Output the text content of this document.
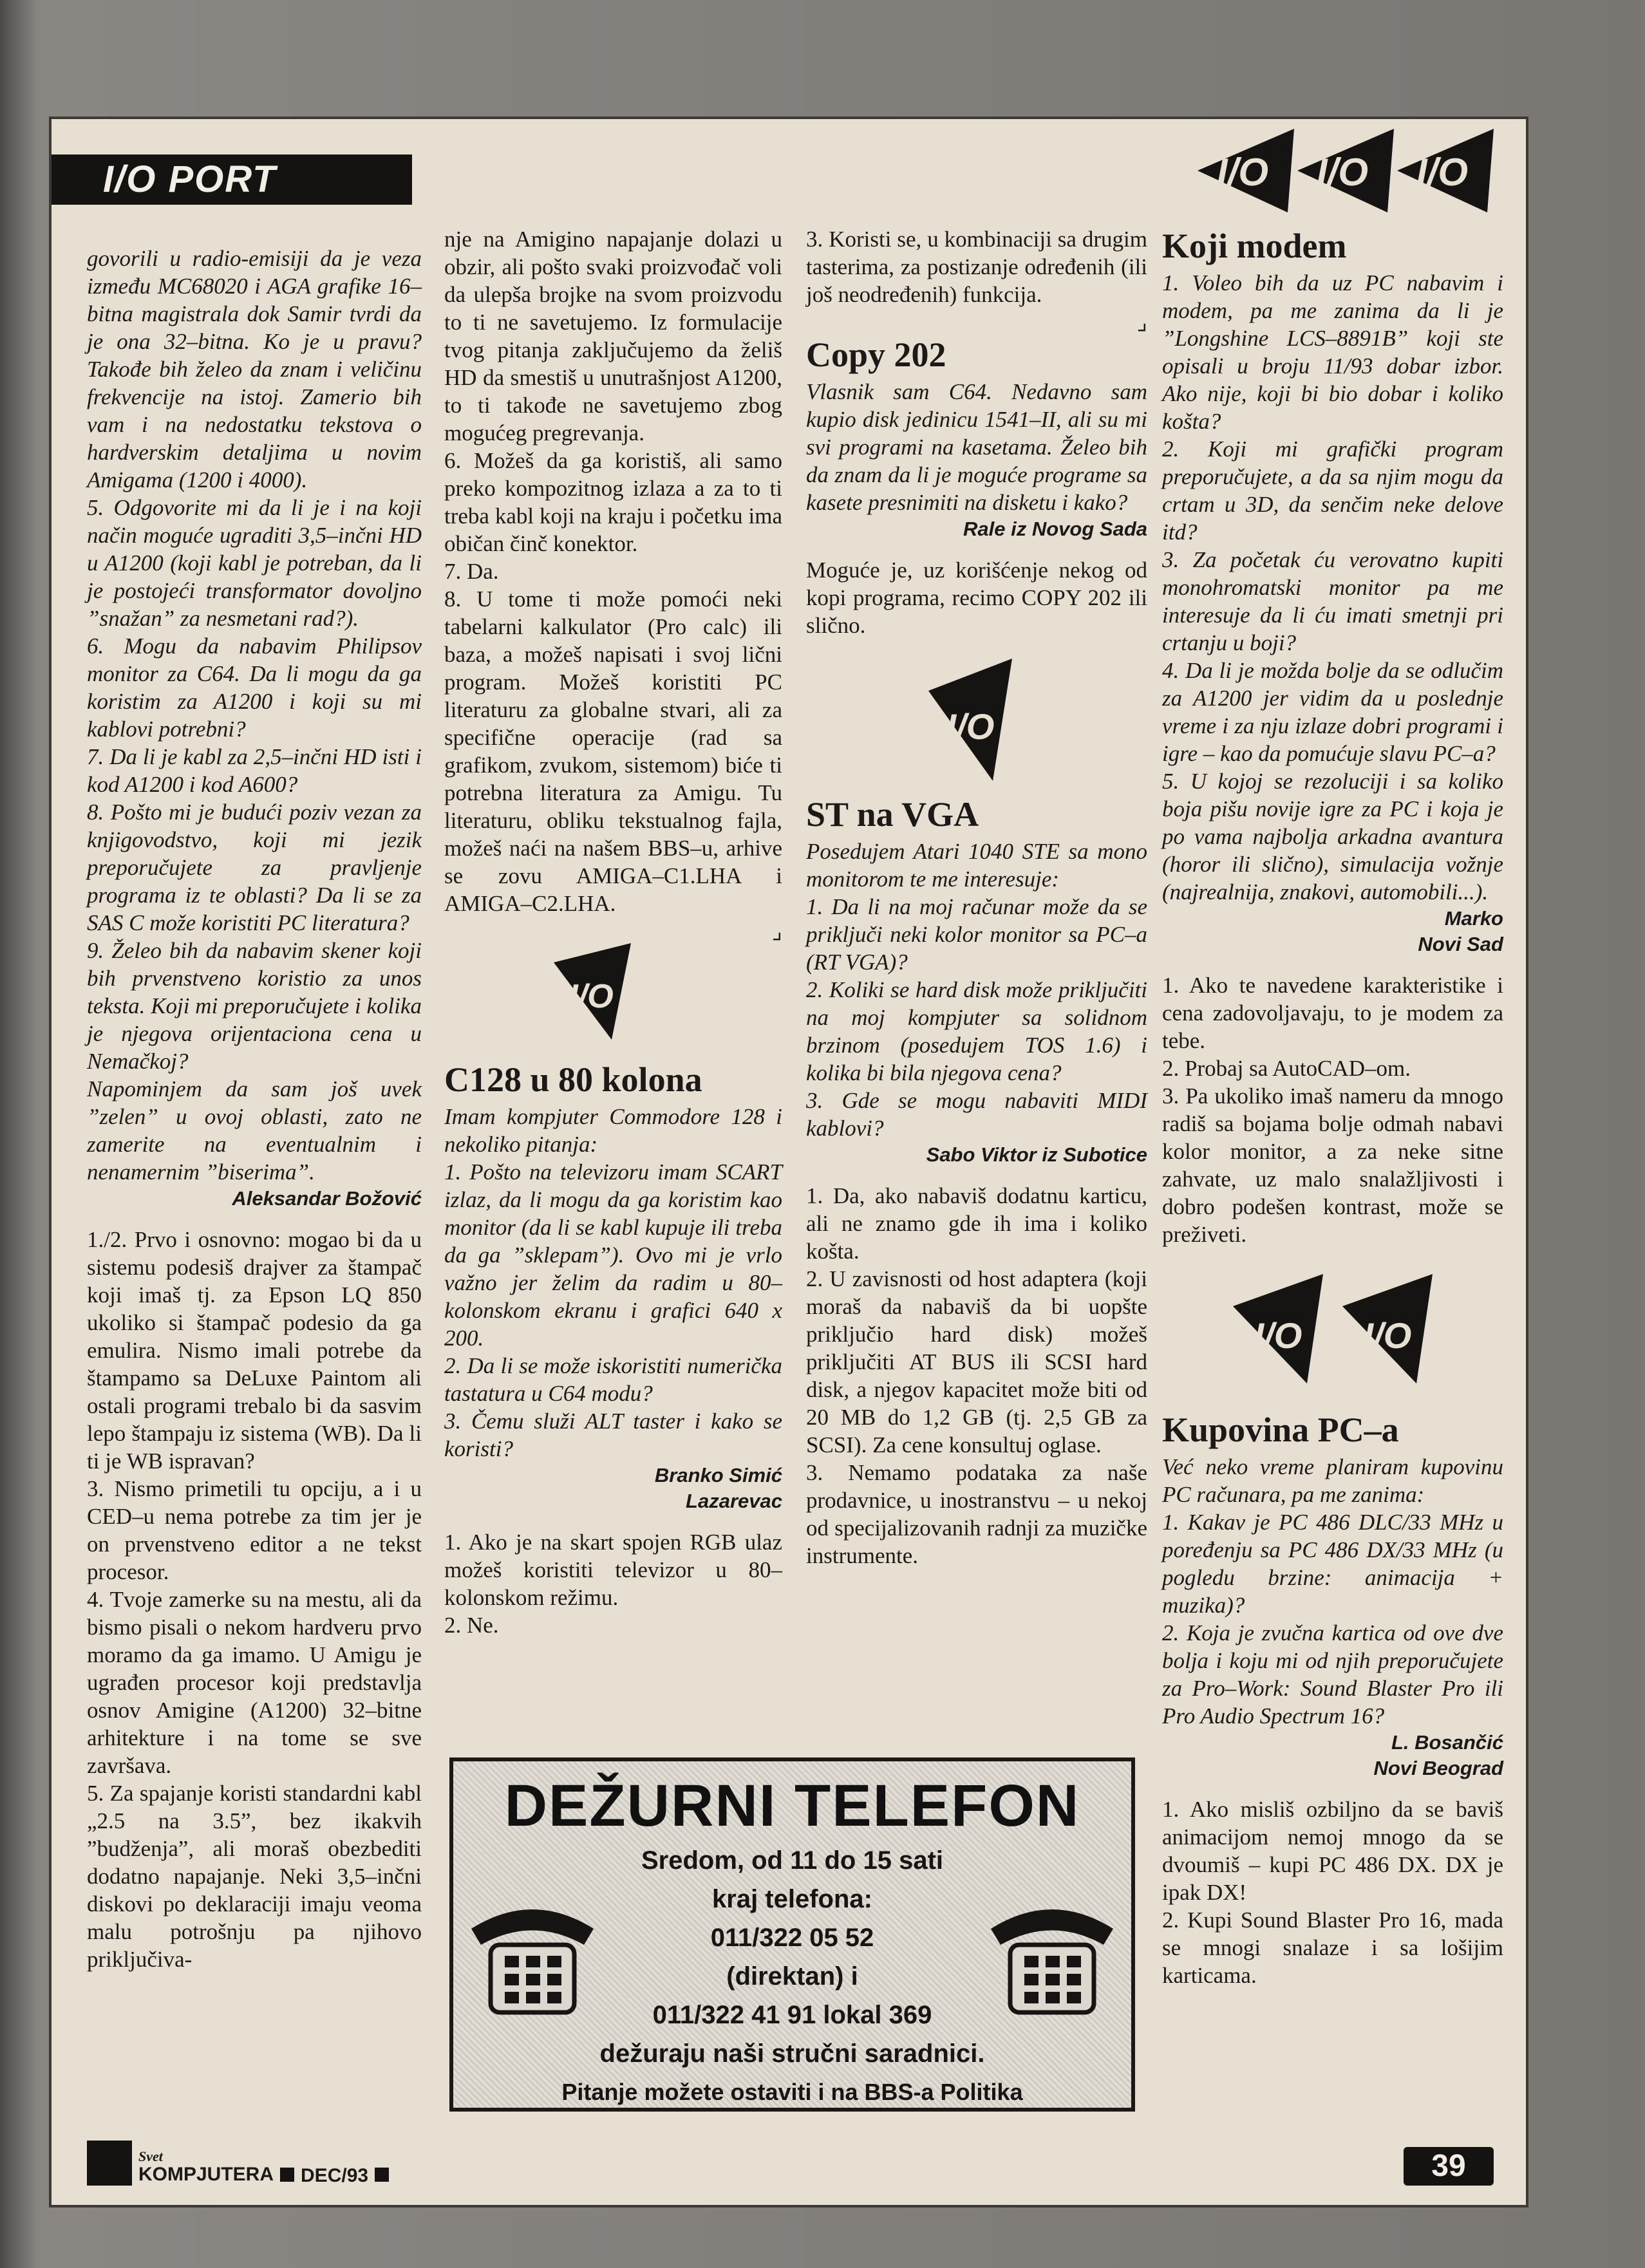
I/O PORT	I/O I/O I/O

govorili u radio-emisiji da je veza između MC68020 i AGA grafike 16–bitna magistrala dok Samir tvrdi da je ona 32–bitna. Ko je u pravu? Takođe bih želeo da znam i veličinu frekvencije na istoj. Zamerio bih vam i na nedostatku tekstova o hardverskim detaljima u novim Amigama (1200 i 4000).

5. Odgovorite mi da li je i na koji način moguće ugraditi 3,5–inčni HD u A1200 (koji kabl je potreban, da li je postojeći transformator dovoljno ”snažan” za nesmetani rad?).

6. Mogu da nabavim Philipsov monitor za C64. Da li mogu da ga koristim za A1200 i koji su mi kablovi potrebni?

7. Da li je kabl za 2,5–inčni HD isti i kod A1200 i kod A600?

8. Pošto mi je budući poziv vezan za knjigovodstvo, koji mi jezik preporučujete za pravljenje programa iz te oblasti? Da li se za SAS C može koristiti PC literatura?

9. Želeo bih da nabavim skener koji bih prvenstveno koristio za unos teksta. Koji mi preporučujete i kolika je njegova orijentaciona cena u Nemačkoj?

Napominjem da sam još uvek ”zelen” u ovoj oblasti, zato ne zamerite na eventualnim i nenamernim ”biserima”.

Aleksandar Božović

1./2. Prvo i osnovno: mogao bi da u sistemu podesiš drajver za štampač koji imaš tj. za Epson LQ 850 ukoliko si štampač podesio da ga emulira. Nismo imali potrebe da štampamo sa DeLuxe Paintom ali ostali programi trebalo bi da sasvim lepo štampaju iz sistema (WB). Da li ti je WB ispravan?

3. Nismo primetili tu opciju, a i u CED–u nema potrebe za tim jer je on prvenstveno editor a ne tekst procesor.

4. Tvoje zamerke su na mestu, ali da bismo pisali o nekom hardveru prvo moramo da ga imamo. U Amigu je ugrađen procesor koji predstavlja osnov Amigine (A1200) 32–bitne arhitekture i na tome se sve završava.

5. Za spajanje koristi standardni kabl „2.5 na 3.5”, bez ikakvih ”budženja”, ali moraš obezbediti dodatno napajanje. Neki 3,5–inčni diskovi po deklaraciji imaju veoma malu potrošnju pa njihovo priključiva-

nje na Amigino napajanje dolazi u obzir, ali pošto svaki proizvođač voli da ulepša brojke na svom proizvodu to ti ne savetujemo. Iz formulacije tvog pitanja zaključujemo da želiš HD da smestiš u unutrašnjost A1200, to ti takođe ne savetujemo zbog mogućeg pregrevanja.

6. Možeš da ga koristiš, ali samo preko kompozitnog izlaza a za to ti treba kabl koji na kraju i početku ima običan činč konektor.

7. Da.

8. U tome ti može pomoći neki tabelarni kalkulator (Pro calc) ili baza, a možeš napisati i svoj lični program. Možeš koristiti PC literaturu za globalne stvari, ali za specifične operacije (rad sa grafikom, zvukom, sistemom) biće ti potrebna literatura za Amigu. Tu literaturu, obliku tekstualnog fajla, možeš naći na našem BBS–u, arhive se zovu AMIGA–C1.LHA i AMIGA–C2.LHA.

⌟
I/O
C128 u 80 kolona

Imam kompjuter Commodore 128 i nekoliko pitanja:

1. Pošto na televizoru imam SCART izlaz, da li mogu da ga koristim kao monitor (da li se kabl kupuje ili treba da ga ”sklepam”). Ovo mi je vrlo važno jer želim da radim u 80–kolonskom ekranu i grafici 640 x 200.

2. Da li se može iskoristiti numerička tastatura u C64 modu?

3. Čemu služi ALT taster i kako se koristi?

Branko Simić
Lazarevac

1. Ako je na skart spojen RGB ulaz možeš koristiti televizor u 80–kolonskom režimu.

2. Ne.

3. Koristi se, u kombinaciji sa drugim tasterima, za postizanje određenih (ili još neodređenih) funkcija.

⌟
Copy 202

Vlasnik sam C64. Nedavno sam kupio disk jedinicu 1541–II, ali su mi svi programi na kasetama. Želeo bih da znam da li je moguće programe sa kasete presnimiti na disketu i kako?

Rale iz Novog Sada

Moguće je, uz korišćenje nekog od kopi programa, recimo COPY 202 ili slično.

I/O
ST na VGA

Posedujem Atari 1040 STE sa mono monitorom te me interesuje:

1. Da li na moj računar može da se priključi neki kolor monitor sa PC–a (RT VGA)?

2. Koliki se hard disk može priključiti na moj kompjuter sa solidnom brzinom (posedujem TOS 1.6) i kolika bi bila njegova cena?

3. Gde se mogu nabaviti MIDI kablovi?

Sabo Viktor iz Subotice

1. Da, ako nabaviš dodatnu karticu, ali ne znamo gde ih ima i koliko košta.

2. U zavisnosti od host adaptera (koji moraš da nabaviš da bi uopšte priključio hard disk) možeš priključiti AT BUS ili SCSI hard disk, a njegov kapacitet može biti od 20 MB do 1,2 GB (tj. 2,5 GB za SCSI). Za cene konsultuj oglase.

3. Nemamo podataka za naše prodavnice, u inostranstvu – u nekoj od specijalizovanih radnji za muzičke instrumente.

Koji modem

1. Voleo bih da uz PC nabavim i modem, pa me zanima da li je ”Longshine LCS–8891B” koji ste opisali u broju 11/93 dobar izbor. Ako nije, koji bi bio dobar i koliko košta?

2. Koji mi grafički program preporučujete, a da sa njim mogu da crtam u 3D, da senčim neke delove itd?

3. Za početak ću verovatno kupiti monohromatski monitor pa me interesuje da li ću imati smetnji pri crtanju u boji?

4. Da li je možda bolje da se odlučim za A1200 jer vidim da u poslednje vreme i za nju izlaze dobri programi i igre – kao da pomućuje slavu PC–a?

5. U kojoj se rezoluciji i sa koliko boja pišu novije igre za PC i koja je po vama najbolja arkadna avantura (horor ili slično), simulacija vožnje (najrealnija, znakovi, automobili...).

Marko
Novi Sad

1. Ako te navedene karakteristike i cena zadovoljavaju, to je modem za tebe.

2. Probaj sa AutoCAD–om.

3. Pa ukoliko imaš nameru da mnogo radiš sa bojama bolje odmah nabavi kolor monitor, a za neke sitne zahvate, uz malo snalažljivosti i dobro podešen kontrast, može se preživeti.

I/O I/O
Kupovina PC–a

Već neko vreme planiram kupovinu PC računara, pa me zanima:

1. Kakav je PC 486 DLC/33 MHz u poređenju sa PC 486 DX/33 MHz (u pogledu brzine: animacija + muzika)?

2. Koja je zvučna kartica od ove dve bolja i koju mi od njih preporučujete za Pro–Work: Sound Blaster Pro ili Pro Audio Spectrum 16?

L. Bosančić
Novi Beograd

1. Ako misliš ozbiljno da se baviš animacijom nemoj mnogo da se dvoumiš – kupi PC 486 DX. DX je ipak DX!

2. Kupi Sound Blaster Pro 16, mada se mnogi snalaze i sa lošijim karticama.

DEŽURNI TELEFON
Sredom, od 11 do 15 sati
kraj telefona:
011/322 05 52
(direktan) i
011/322 41 91 lokal 369
dežuraju naši stručni saradnici.
Pitanje možete ostaviti i na BBS-a Politika
Svet
KOMPJUTERA DEC/93	39
